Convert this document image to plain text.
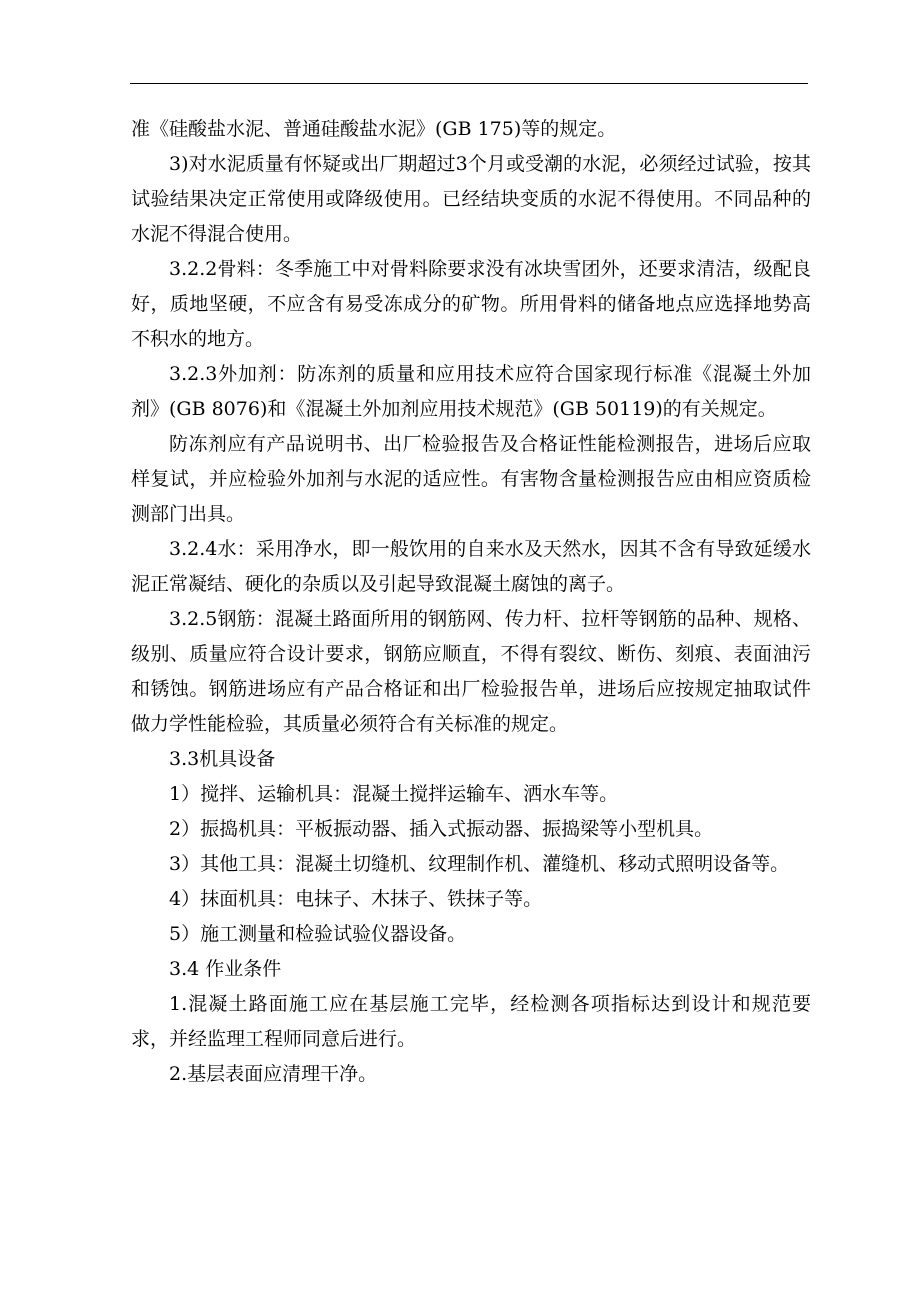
准《硅酸盐水泥、普通硅酸盐水泥》(GB 175)等的规定。

3)对水泥质量有怀疑或出厂期超过3个月或受潮的水泥，必须经过试验，按其试验结果决定正常使用或降级使用。已经结块变质的水泥不得使用。不同品种的水泥不得混合使用。

3.2.2骨料：冬季施工中对骨料除要求没有冰块雪团外，还要求清洁，级配良好，质地坚硬，不应含有易受冻成分的矿物。所用骨料的储备地点应选择地势高不积水的地方。

3.2.3外加剂：防冻剂的质量和应用技术应符合国家现行标准《混凝土外加剂》(GB 8076)和《混凝土外加剂应用技术规范》(GB 50119)的有关规定。

防冻剂应有产品说明书、出厂检验报告及合格证性能检测报告，进场后应取样复试，并应检验外加剂与水泥的适应性。有害物含量检测报告应由相应资质检测部门出具。

3.2.4水：采用净水，即一般饮用的自来水及天然水，因其不含有导致延缓水泥正常凝结、硬化的杂质以及引起导致混凝土腐蚀的离子。

3.2.5钢筋：混凝土路面所用的钢筋网、传力杆、拉杆等钢筋的品种、规格、级别、质量应符合设计要求，钢筋应顺直，不得有裂纹、断伤、刻痕、表面油污和锈蚀。钢筋进场应有产品合格证和出厂检验报告单，进场后应按规定抽取试件做力学性能检验，其质量必须符合有关标准的规定。

3.3机具设备

1）搅拌、运输机具：混凝土搅拌运输车、洒水车等。

2）振捣机具：平板振动器、插入式振动器、振捣梁等小型机具。

3）其他工具：混凝土切缝机、纹理制作机、灌缝机、移动式照明设备等。

4）抹面机具：电抹子、木抹子、铁抹子等。

5）施工测量和检验试验仪器设备。

3.4 作业条件

1.混凝土路面施工应在基层施工完毕，经检测各项指标达到设计和规范要求，并经监理工程师同意后进行。

2.基层表面应清理干净。
